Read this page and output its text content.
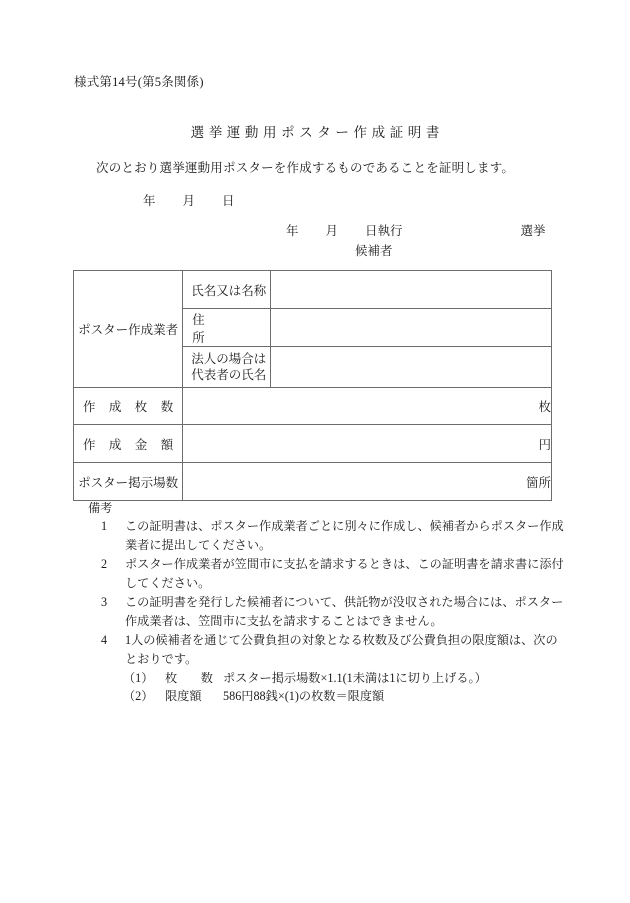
様式第14号(第5条関係)
選挙運動用ポスター作成証明書
次のとおり選挙運動用ポスターを作成するものであることを証明します。
年 月 日
年 月 日執行	選挙
候補者
ポスター作成業者	氏名又は名称	

	住　　　　所	

	法人の場合は
代表者の氏名	

作成枚数	枚	

作成金額	円	

ポスター掲示場数	箇所	
備考
1	この証明書は、ポスター作成業者ごとに別々に作成し、候補者からポスター作成業者に提出してください。
2	ポスター作成業者が笠間市に支払を請求するときは、この証明書を請求書に添付してください。
3	この証明書を発行した候補者について、供託物が没収された場合には、ポスター作成業者は、笠間市に支払を請求することはできません。
4	1人の候補者を通じて公費負担の対象となる枚数及び公費負担の限度額は、次のとおりです。
（1） 枚数 ポスター掲示場数×1.1(1未満は1に切り上げる。）
（2） 限度額	586円88銭×(1)の枚数＝限度額
